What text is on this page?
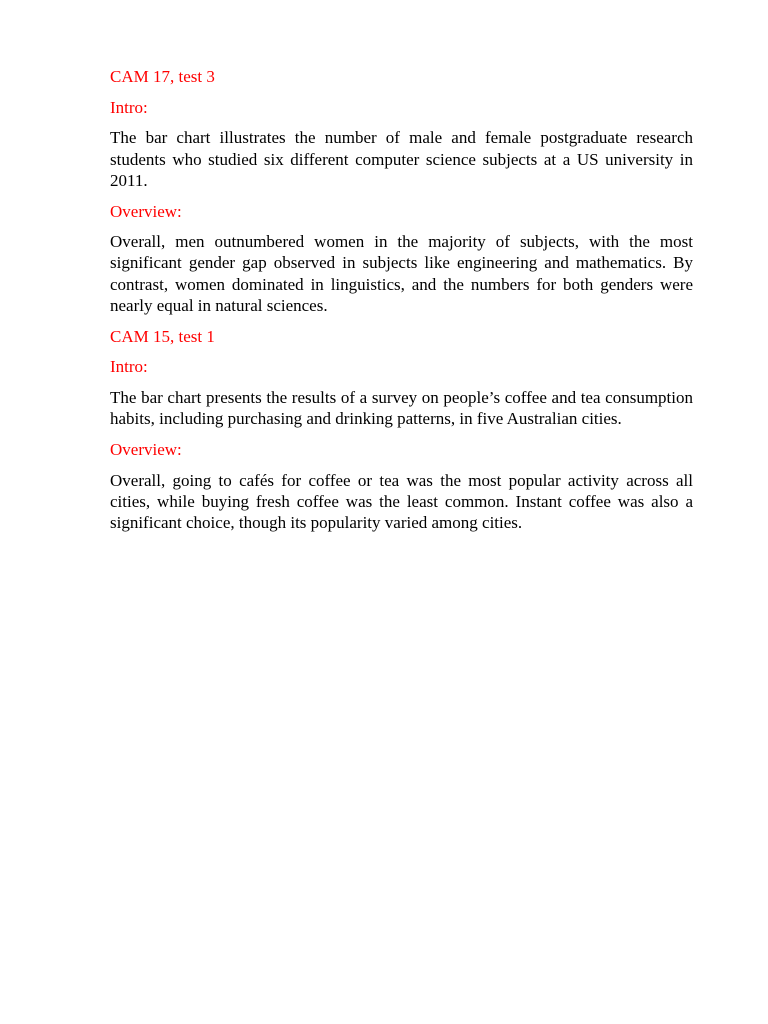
CAM 17, test 3

Intro:

The bar chart illustrates the number of male and female postgraduate research students who studied six different computer science subjects at a US university in 2011.

Overview:

Overall, men outnumbered women in the majority of subjects, with the most significant gender gap observed in subjects like engineering and mathematics. By contrast, women dominated in linguistics, and the numbers for both genders were nearly equal in natural sciences.

CAM 15, test 1

Intro:

The bar chart presents the results of a survey on people’s coffee and tea consumption habits, including purchasing and drinking patterns, in five Australian cities.

Overview:

Overall, going to cafés for coffee or tea was the most popular activity across all cities, while buying fresh coffee was the least common. Instant coffee was also a significant choice, though its popularity varied among cities.
